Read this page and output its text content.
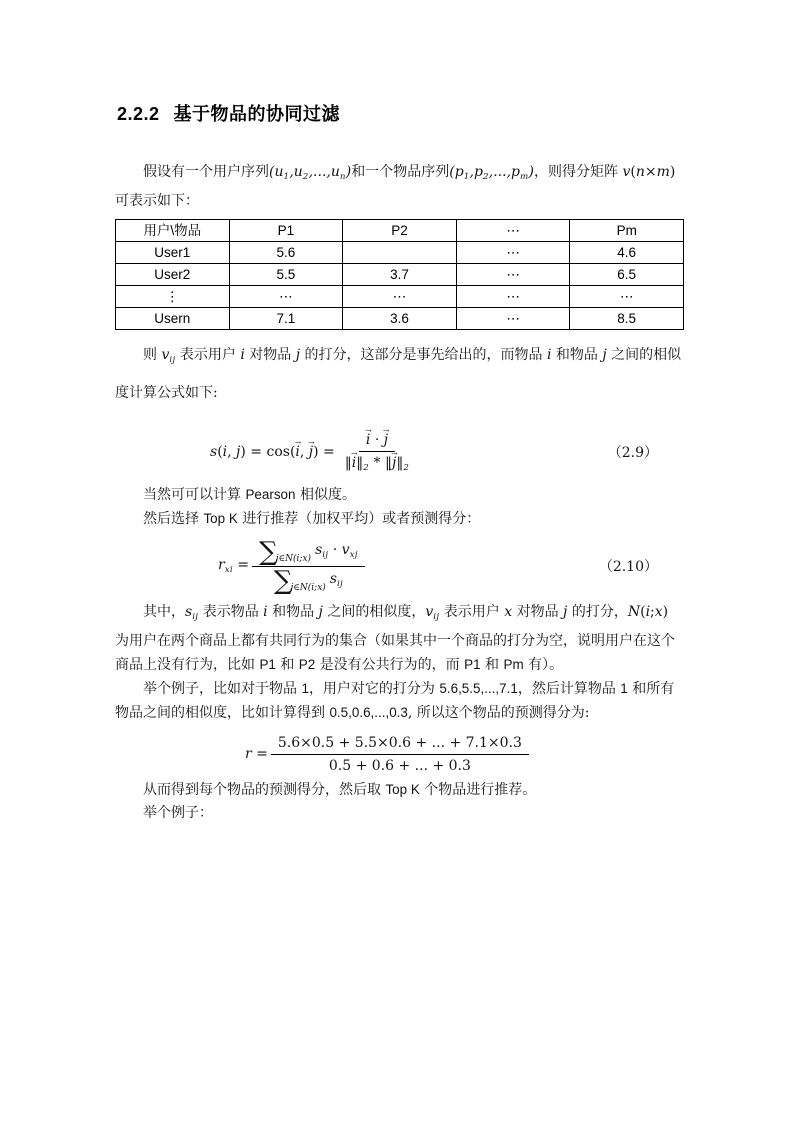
2.2.2 基于物品的协同过滤

假设有一个用户序列$(u_1,u_2,...,u_n)$和一个物品序列$(p_1,p_2,...,p_m)$，则得分矩阵 v(n×m) 可表示如下：

用户\物品	P1	P2	⋯	Pm
User1	5.6		⋯	4.6
User2	5.5	3.7	⋯	6.5
⋮	⋯	⋯	⋯	⋯
Usern	7.1	3.6	⋯	8.5

则 $v_{ij}$ 表示用户 i 对物品 j 的打分，这部分是事先给出的，而物品 i 和物品 j 之间的相似度计算公式如下:

s(i, j) = cos(i →, j →) = $\frac{i \to \cdot j \to}{‖i \to‖_2 * ‖j \to‖_2}$	（2.9）

当然可可以计算 Pearson 相似度。

然后选择 Top K 进行推荐（加权平均）或者预测得分：

$r_{xi} = \frac{\sum_{j\in N(i;x)}s_{ij} \cdot v_{xj}}{\sum_{j\in N(i;x)}s_{ij}}$	（2.10）

其中，$s_{ij}$ 表示物品 i 和物品 j 之间的相似度，$v_{ij}$ 表示用户 x 对物品 j 的打分，N(i;x) 为用户在两个商品上都有共同行为的集合（如果其中一个商品的打分为空，说明用户在这个商品上没有行为，比如 P1 和 P2 是没有公共行为的，而 P1 和 Pm 有）。

举个例子，比如对于物品 1，用户对它的打分为 5.6,5.5,...,7.1，然后计算物品 1 和所有物品之间的相似度，比如计算得到 0.5,0.6,...,0.3, 所以这个物品的预测得分为:

$r = \frac{5.6\times 0.5 + 5.5\times 0.6 + ... + 7.1\times 0.3}{0.5 + 0.6 + ... + 0.3}$

从而得到每个物品的预测得分，然后取 Top K 个物品进行推荐。

举个例子：
